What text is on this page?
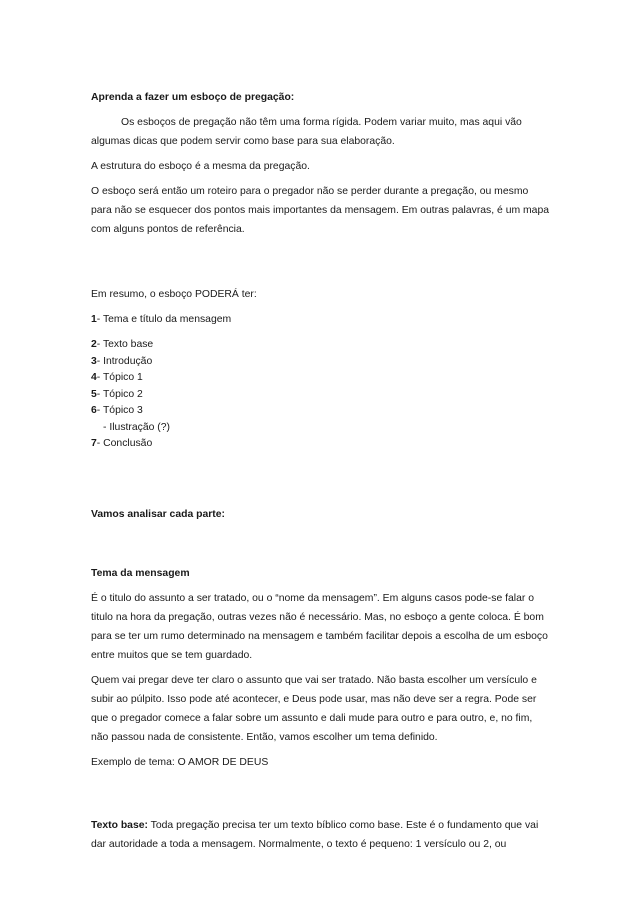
Aprenda a fazer um esboço de pregação:

Os esboços de pregação não têm uma forma rígida. Podem variar muito, mas aqui vão algumas dicas que podem servir como base para sua elaboração.

A estrutura do esboço é a mesma da pregação.

O esboço será então um roteiro para o pregador não se perder durante a pregação, ou mesmo para não se esquecer dos pontos mais importantes da mensagem. Em outras palavras, é um mapa com alguns pontos de referência.

Em resumo, o esboço PODERÁ ter:

1- Tema e título da mensagem

2- Texto base
3- Introdução
4- Tópico 1
5- Tópico 2
6- Tópico 3
- Ilustração (?)
7- Conclusão

Vamos analisar cada parte:

Tema da mensagem

É o titulo do assunto a ser tratado, ou o “nome da mensagem”. Em alguns casos pode-se falar o titulo na hora da pregação, outras vezes não é necessário. Mas, no esboço a gente coloca. É bom para se ter um rumo determinado na mensagem e também facilitar depois a escolha de um esboço entre muitos que se tem guardado.

Quem vai pregar deve ter claro o assunto que vai ser tratado. Não basta escolher um versículo e subir ao púlpito. Isso pode até acontecer, e Deus pode usar, mas não deve ser a regra. Pode ser que o pregador comece a falar sobre um assunto e dali mude para outro e para outro, e, no fim, não passou nada de consistente. Então, vamos escolher um tema definido.

Exemplo de tema: O AMOR DE DEUS

Texto base: Toda pregação precisa ter um texto bíblico como base. Este é o fundamento que vai dar autoridade a toda a mensagem. Normalmente, o texto é pequeno: 1 versículo ou 2, ou
